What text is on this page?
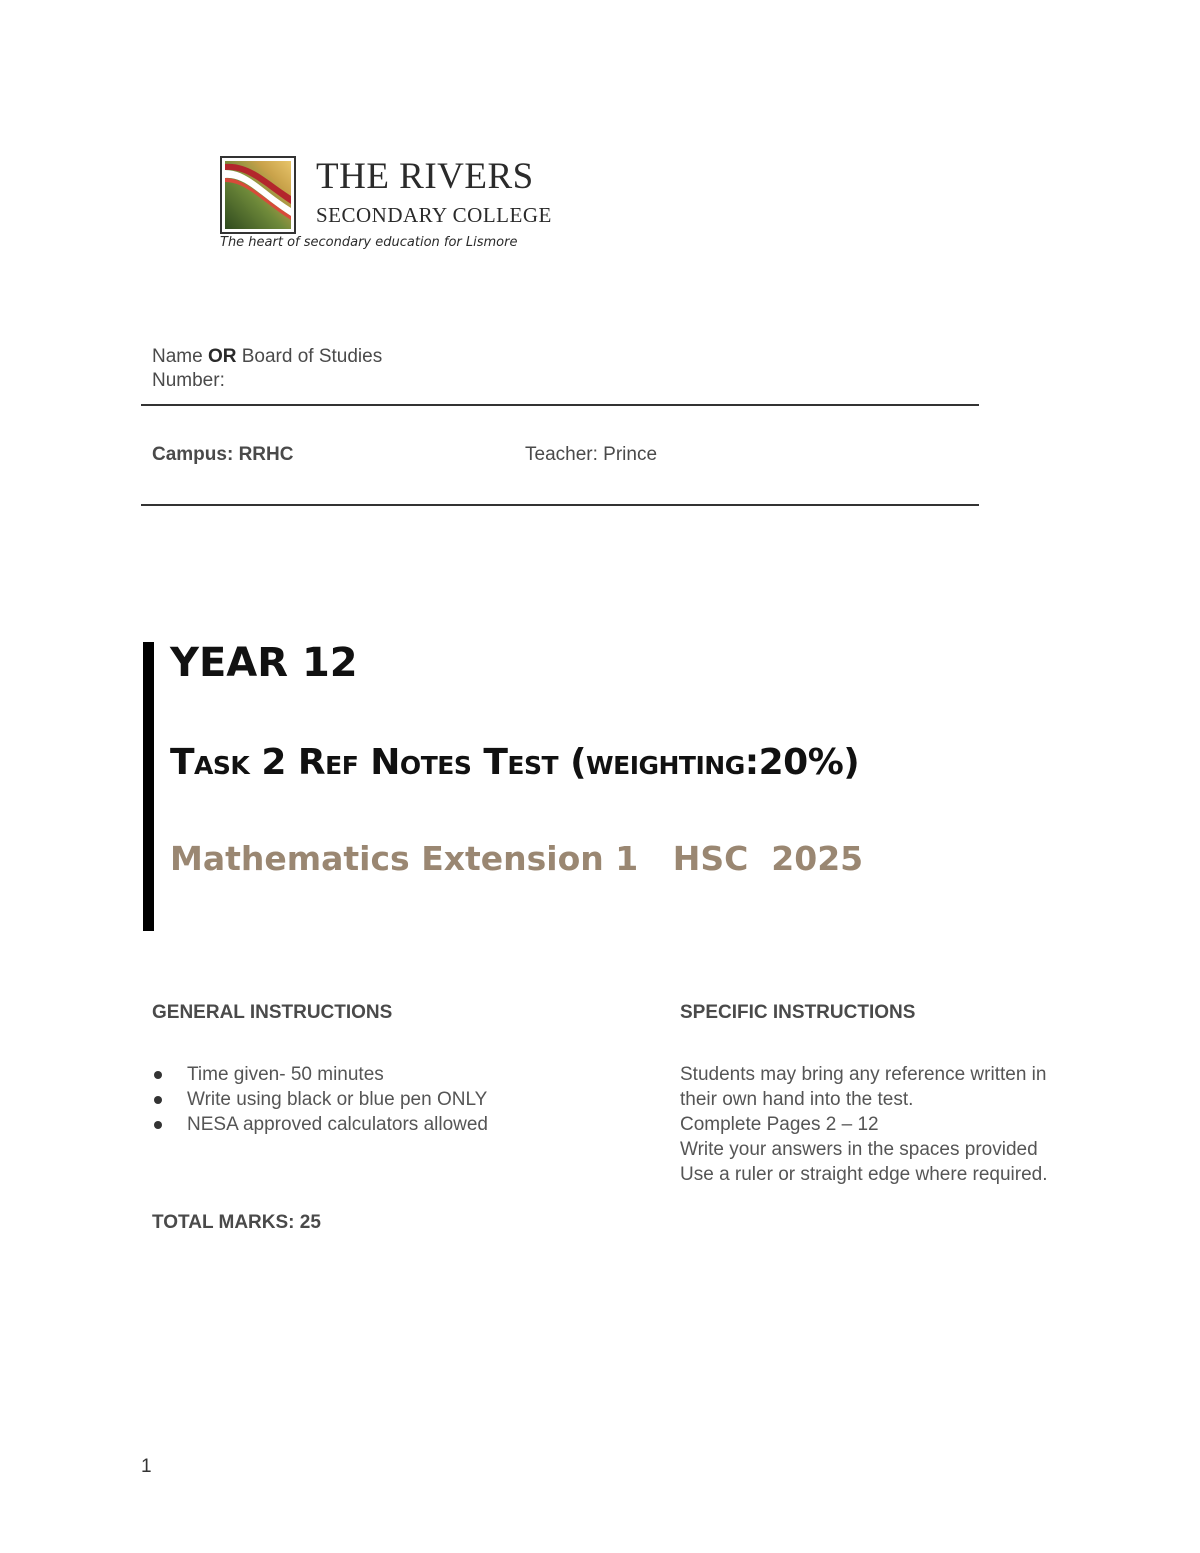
THE RIVERS
SECONDARY COLLEGE
The heart of secondary education for Lismore
Name OR Board of Studies Number:
Campus: RRHC	Teacher: Prince
YEAR 12
Task 2 Ref Notes Test (weighting:20%)
Mathematics Extension 1   HSC  2025
GENERAL INSTRUCTIONS
Time given- 50 minutes
Write using black or blue pen ONLY
NESA approved calculators allowed
TOTAL MARKS: 25
SPECIFIC INSTRUCTIONS
Students may bring any reference written in
their own hand into the test.
Complete Pages 2 – 12
Write your answers in the spaces provided
Use a ruler or straight edge where required.
1
